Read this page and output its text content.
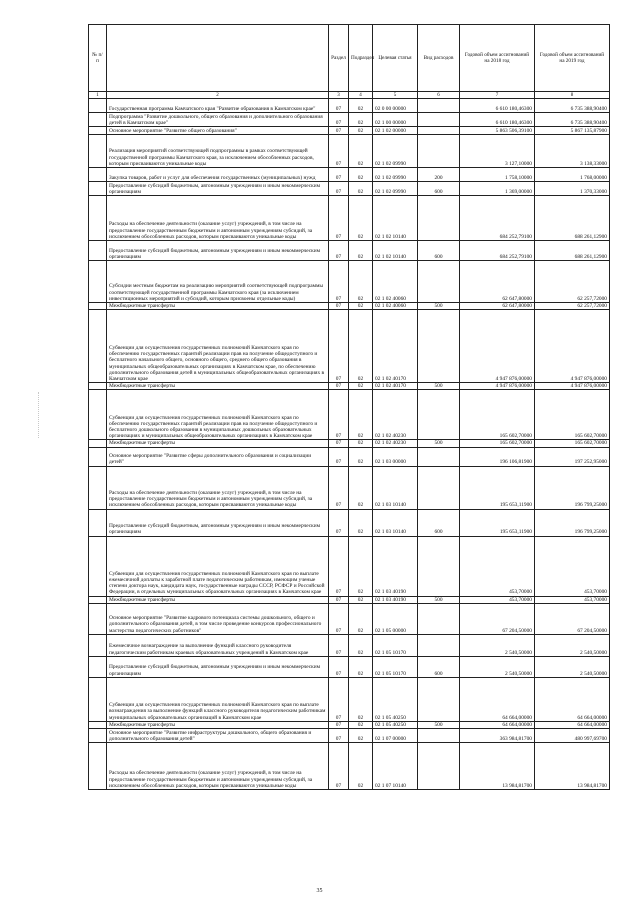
№ п/п		Раздел	Подраздел	Целевая статья	Вид расходов	Годовой объем ассигнований на 2018 год	Годовой объем ассигнований на 2019 год
1	2	3	4	5	6	7	8
	Государственная программа Камчатского края "Развитие образования в Камчатском крае"	07	02	02 0 00 00000		6 610 180,46300	6 735 388,90400
	Подпрограмма "Развитие дошкольного, общего образования и дополнительного образования детей в Камчатском крае"	07	02	02 1 00 00000		6 610 180,46300	6 735 388,90400
	Основное мероприятие "Развитие общего образования"	07	02	02 1 02 00000		5 863 506,39100	5 867 135,87900
	Реализация мероприятий соответствующей подпрограммы в рамках соответствующей государственной программы Камчатского края, за исключением обособленных расходов, которым присваиваются уникальные коды	07	02	02 1 02 09990		3 127,10000	3 138,33000
	Закупка товаров, работ и услуг для обеспечения государственных (муниципальных) нужд	07	02	02 1 02 09990	200	1 758,10000	1 768,00000
	Предоставление субсидий бюджетным, автономным учреждениям и иным некоммерческим организациям	07	02	02 1 02 09990	600	1 369,00000	1 370,33000
	Расходы на обеспечение деятельности (оказание услуг) учреждений, в том числе на предоставление государственным бюджетным и автономным учреждениям субсидий, за исключением обособленных расходов, которым присваиваются уникальные коды	07	02	02 1 02 10140		684 252,79100	688 261,12900
	Предоставление субсидий бюджетным, автономным учреждениям и иным некоммерческим организациям	07	02	02 1 02 10140	600	684 252,79100	688 261,12900
	Субсидии местным бюджетам на реализацию мероприятий соответствующей подпрограммы соответствующей государственной программы Камчатского края (за исключением инвестиционных мероприятий и субсидий, которым присвоены отдельные коды)	07	02	02 1 02 40060		62 647,80000	62 257,72000
	Межбюджетные трансферты	07	02	02 1 02 40060	500	62 647,80000	62 257,72000
	Субвенции для осуществления государственных полномочий Камчатского края по обеспечению государственных гарантий реализации прав на получение общедоступного и бесплатного начального общего, основного общего, среднего общего образования в муниципальных общеобразовательных организациях в Камчатском крае, по обеспечению дополнительного образования детей в муниципальных общеобразовательных организациях в Камчатском крае	07	02	02 1 02 40170		4 947 876,00000	4 947 876,00000
	Межбюджетные трансферты	07	02	02 1 02 40170	500	4 947 876,00000	4 947 876,00000
	Субвенции для осуществления государственных полномочий Камчатского края по обеспечению государственных гарантий реализации прав на получение общедоступного и бесплатного дошкольного образования в муниципальных дошкольных образовательных организациях и муниципальных общеобразовательных организациях в Камчатском крае	07	02	02 1 02 40230		165 602,70000	165 602,70000
	Межбюджетные трансферты	07	02	02 1 02 40230	500	165 602,70000	165 602,70000
	Основное мероприятие "Развитие сферы дополнительного образования и социализации детей"	07	02	02 1 03 00000		196 106,81900	197 252,95000
	Расходы на обеспечение деятельности (оказание услуг) учреждений, в том числе на предоставление государственным бюджетным и автономным учреждениям субсидий, за исключением обособленных расходов, которым присваиваются уникальные коды	07	02	02 1 03 10140		195 653,11900	196 799,25000
	Предоставление субсидий бюджетным, автономным учреждениям и иным некоммерческим организациям	07	02	02 1 03 10140	600	195 653,11900	196 799,25000
	Субвенции для осуществления государственных полномочий Камчатского края по выплате ежемесячной доплаты к заработной плате педагогическим работникам, имеющим ученые степени доктора наук, кандидата наук, государственные награды СССР, РСФСР и Российской Федерации, в отдельных муниципальных образовательных организациях в Камчатском крае	07	02	02 1 03 40190		453,70000	453,70000
	Межбюджетные трансферты	07	02	02 1 03 40190	500	453,70000	453,70000
	Основное мероприятие "Развитие кадрового потенциала системы дошкольного, общего и дополнительного образования детей, в том числе проведение конкурсов профессионального мастерства педагогических работников"	07	02	02 1 05 00000		67 204,50000	67 204,50000
	Ежемесячное вознаграждение за выполнение функций классного руководителя педагогическим работникам краевых образовательных учреждений в Камчатском крае	07	02	02 1 05 10170		2 540,50000	2 540,50000
	Предоставление субсидий бюджетным, автономным учреждениям и иным некоммерческим организациям	07	02	02 1 05 10170	600	2 540,50000	2 540,50000
	Субвенции для осуществления государственных полномочий Камчатского края по выплате вознаграждения за выполнение функций классного руководителя педагогическим работникам муниципальных образовательных организаций в Камчатском крае	07	02	02 1 05 40250		64 664,00000	64 664,00000
	Межбюджетные трансферты	07	02	02 1 05 40250	500	64 664,00000	64 664,00000
	Основное мероприятие "Развитие инфраструктуры дошкольного, общего образования и дополнительного образования детей"	07	02	02 1 07 00000		363 984,81700	480 997,69700
	Расходы на обеспечение деятельности (оказание услуг) учреждений, в том числе на предоставление государственным бюджетным и автономным учреждениям субсидий, за исключением обособленных расходов, которым присваиваются уникальные коды	07	02	02 1 07 10140		13 984,81700	13 984,81700
35
